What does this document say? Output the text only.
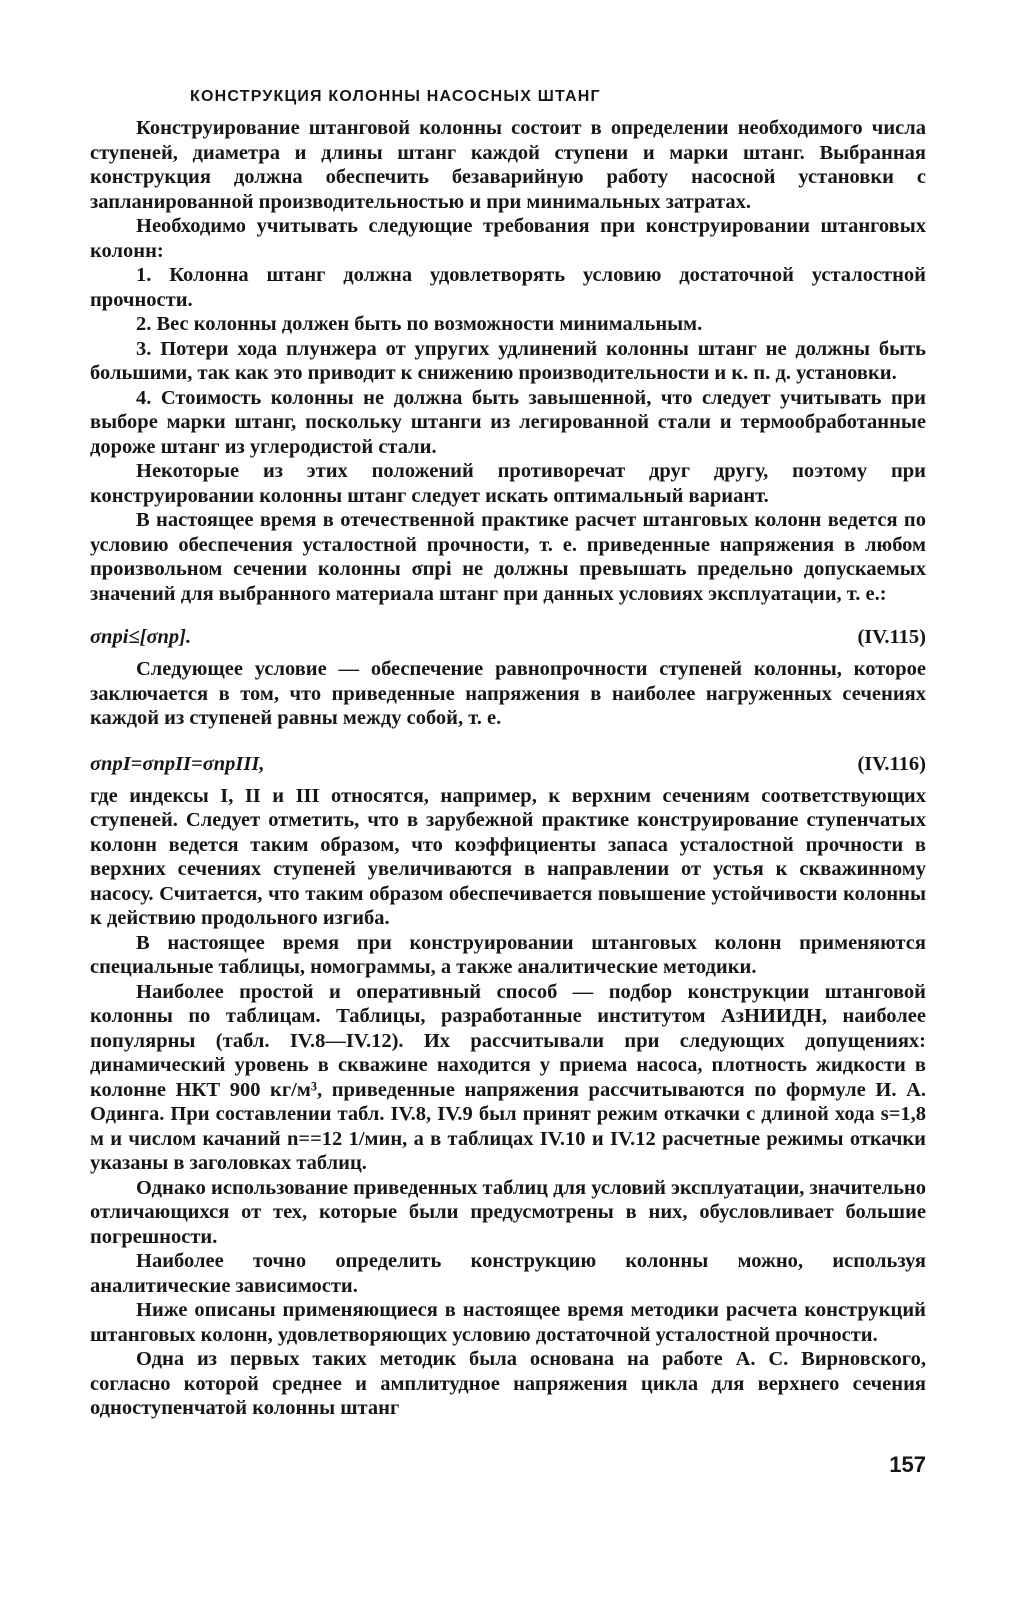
КОНСТРУКЦИЯ КОЛОННЫ НАСОСНЫХ ШТАНГ

Конструирование штанговой колонны состоит в определении необходимого числа ступеней, диаметра и длины штанг каждой ступени и марки штанг. Выбранная конструкция должна обеспечить безаварийную работу насосной установки с запланированной производительностью и при минимальных затратах.

Необходимо учитывать следующие требования при конструировании штанговых колонн:

1. Колонна штанг должна удовлетворять условию достаточной усталостной прочности.

2. Вес колонны должен быть по возможности минимальным.

3. Потери хода плунжера от упругих удлинений колонны штанг не должны быть большими, так как это приводит к снижению производительности и к. п. д. установки.

4. Стоимость колонны не должна быть завышенной, что следует учитывать при выборе марки штанг, поскольку штанги из легированной стали и термообработанные дороже штанг из углеродистой стали.

Некоторые из этих положений противоречат друг другу, поэтому при конструировании колонны штанг следует искать оптимальный вариант.

В настоящее время в отечественной практике расчет штанговых колонн ведется по условию обеспечения усталостной прочности, т. е. приведенные напряжения в любом произвольном сечении колонны σпрi не должны превышать предельно допускаемых значений для выбранного материала штанг при данных условиях эксплуатации, т. е.:

σпрi≤[σпр].	(IV.115)

Следующее условие — обеспечение равнопрочности ступеней колонны, которое заключается в том, что приведенные напряжения в наиболее нагруженных сечениях каждой из ступеней равны между собой, т. е.

σпрI=σпрII=σпрIII,	(IV.116)

где индексы I, II и III относятся, например, к верхним сечениям соответствующих ступеней. Следует отметить, что в зарубежной практике конструирование ступенчатых колонн ведется таким образом, что коэффициенты запаса усталостной прочности в верхних сечениях ступеней увеличиваются в направлении от устья к скважинному насосу. Считается, что таким образом обеспечивается повышение устойчивости колонны к действию продольного изгиба.

В настоящее время при конструировании штанговых колонн применяются специальные таблицы, номограммы, а также аналитические методики.

Наиболее простой и оперативный способ — подбор конструкции штанговой колонны по таблицам. Таблицы, разработанные институтом АзНИИДН, наиболее популярны (табл. IV.8—IV.12). Их рассчитывали при следующих допущениях: динамический уровень в скважине находится у приема насоса, плотность жидкости в колонне НКТ 900 кг/м³, приведенные напряжения рассчитываются по формуле И. А. Одинга. При составлении табл. IV.8, IV.9 был принят режим откачки с длиной хода s=1,8 м и числом качаний n==12 1/мин, а в таблицах IV.10 и IV.12 расчетные режимы откачки указаны в заголовках таблиц.

Однако использование приведенных таблиц для условий эксплуатации, значительно отличающихся от тех, которые были предусмотрены в них, обусловливает большие погрешности.

Наиболее точно определить конструкцию колонны можно, используя аналитические зависимости.

Ниже описаны применяющиеся в настоящее время методики расчета конструкций штанговых колонн, удовлетворяющих условию достаточной усталостной прочности.

Одна из первых таких методик была основана на работе А. С. Вирновского, согласно которой среднее и амплитудное напряжения цикла для верхнего сечения одноступенчатой колонны штанг

157
